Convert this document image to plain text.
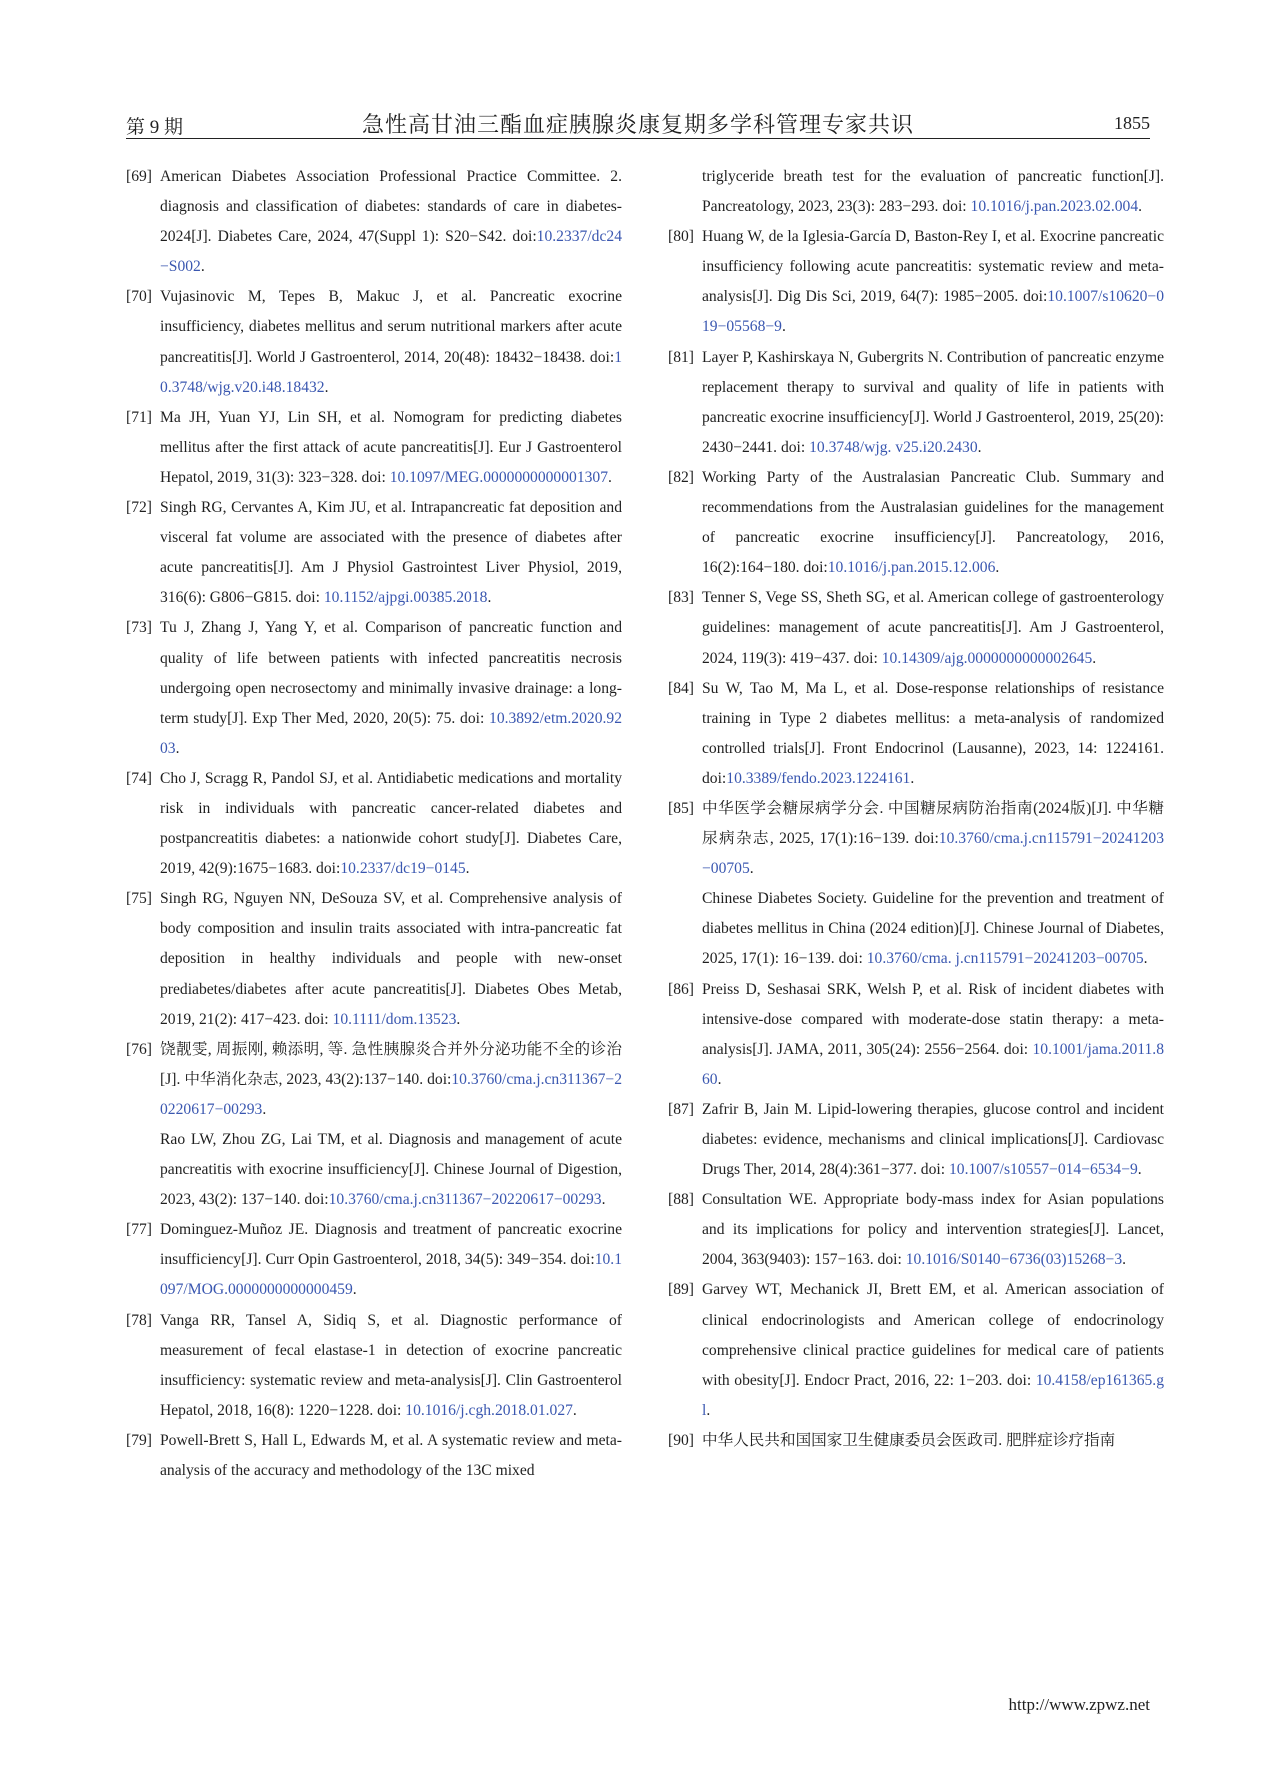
第 9 期	急性高甘油三酯血症胰腺炎康复期多学科管理专家共识	1855
[69] American Diabetes Association Professional Practice Committee. 2. diagnosis and classification of diabetes: standards of care in diabetes-2024[J]. Diabetes Care, 2024, 47(Suppl 1): S20−S42. doi:10.2337/dc24−S002.
[70] Vujasinovic M, Tepes B, Makuc J, et al. Pancreatic exocrine insufficiency, diabetes mellitus and serum nutritional markers after acute pancreatitis[J]. World J Gastroenterol, 2014, 20(48): 18432−18438. doi:10.3748/wjg.v20.i48.18432.
[71] Ma JH, Yuan YJ, Lin SH, et al. Nomogram for predicting diabetes mellitus after the first attack of acute pancreatitis[J]. Eur J Gastroenterol Hepatol, 2019, 31(3): 323−328. doi: 10.1097/MEG.0000000000001307.
[72] Singh RG, Cervantes A, Kim JU, et al. Intrapancreatic fat deposition and visceral fat volume are associated with the presence of diabetes after acute pancreatitis[J]. Am J Physiol Gastrointest Liver Physiol, 2019, 316(6): G806−G815. doi: 10.1152/ajpgi.00385.2018.
[73] Tu J, Zhang J, Yang Y, et al. Comparison of pancreatic function and quality of life between patients with infected pancreatitis necrosis undergoing open necrosectomy and minimally invasive drainage: a long-term study[J]. Exp Ther Med, 2020, 20(5): 75. doi: 10.3892/etm.2020.9203.
[74] Cho J, Scragg R, Pandol SJ, et al. Antidiabetic medications and mortality risk in individuals with pancreatic cancer-related diabetes and postpancreatitis diabetes: a nationwide cohort study[J]. Diabetes Care, 2019, 42(9):1675−1683. doi:10.2337/dc19−0145.
[75] Singh RG, Nguyen NN, DeSouza SV, et al. Comprehensive analysis of body composition and insulin traits associated with intra-pancreatic fat deposition in healthy individuals and people with new-onset prediabetes/diabetes after acute pancreatitis[J]. Diabetes Obes Metab, 2019, 21(2): 417−423. doi: 10.1111/dom.13523.
[76] 饶靓雯, 周振刚, 赖添明, 等. 急性胰腺炎合并外分泌功能不全的诊治[J]. 中华消化杂志, 2023, 43(2):137−140. doi:10.3760/cma.j.cn311367−20220617−00293.
Rao LW, Zhou ZG, Lai TM, et al. Diagnosis and management of acute pancreatitis with exocrine insufficiency[J]. Chinese Journal of Digestion, 2023, 43(2): 137−140. doi:10.3760/cma.j.cn311367−20220617−00293.
[77] Dominguez-Muñoz JE. Diagnosis and treatment of pancreatic exocrine insufficiency[J]. Curr Opin Gastroenterol, 2018, 34(5): 349−354. doi:10.1097/MOG.0000000000000459.
[78] Vanga RR, Tansel A, Sidiq S, et al. Diagnostic performance of measurement of fecal elastase-1 in detection of exocrine pancreatic insufficiency: systematic review and meta-analysis[J]. Clin Gastroenterol Hepatol, 2018, 16(8): 1220−1228. doi: 10.1016/j.cgh.2018.01.027.
[79] Powell-Brett S, Hall L, Edwards M, et al. A systematic review and meta-analysis of the accuracy and methodology of the 13C mixed
triglyceride breath test for the evaluation of pancreatic function[J]. Pancreatology, 2023, 23(3): 283−293. doi: 10.1016/j.pan.2023.02.004.
[80] Huang W, de la Iglesia-García D, Baston-Rey I, et al. Exocrine pancreatic insufficiency following acute pancreatitis: systematic review and meta-analysis[J]. Dig Dis Sci, 2019, 64(7): 1985−2005. doi:10.1007/s10620−019−05568−9.
[81] Layer P, Kashirskaya N, Gubergrits N. Contribution of pancreatic enzyme replacement therapy to survival and quality of life in patients with pancreatic exocrine insufficiency[J]. World J Gastroenterol, 2019, 25(20): 2430−2441. doi: 10.3748/wjg. v25.i20.2430.
[82] Working Party of the Australasian Pancreatic Club. Summary and recommendations from the Australasian guidelines for the management of pancreatic exocrine insufficiency[J]. Pancreatology, 2016, 16(2):164−180. doi:10.1016/j.pan.2015.12.006.
[83] Tenner S, Vege SS, Sheth SG, et al. American college of gastroenterology guidelines: management of acute pancreatitis[J]. Am J Gastroenterol, 2024, 119(3): 419−437. doi: 10.14309/ajg.0000000000002645.
[84] Su W, Tao M, Ma L, et al. Dose-response relationships of resistance training in Type 2 diabetes mellitus: a meta-analysis of randomized controlled trials[J]. Front Endocrinol (Lausanne), 2023, 14: 1224161. doi:10.3389/fendo.2023.1224161.
[85] 中华医学会糖尿病学分会. 中国糖尿病防治指南(2024版)[J]. 中华糖尿病杂志, 2025, 17(1):16−139. doi:10.3760/cma.j.cn115791−20241203−00705.
Chinese Diabetes Society. Guideline for the prevention and treatment of diabetes mellitus in China (2024 edition)[J]. Chinese Journal of Diabetes, 2025, 17(1): 16−139. doi: 10.3760/cma. j.cn115791−20241203−00705.
[86] Preiss D, Seshasai SRK, Welsh P, et al. Risk of incident diabetes with intensive-dose compared with moderate-dose statin therapy: a meta-analysis[J]. JAMA, 2011, 305(24): 2556−2564. doi: 10.1001/jama.2011.860.
[87] Zafrir B, Jain M. Lipid-lowering therapies, glucose control and incident diabetes: evidence, mechanisms and clinical implications[J]. Cardiovasc Drugs Ther, 2014, 28(4):361−377. doi: 10.1007/s10557−014−6534−9.
[88] Consultation WE. Appropriate body-mass index for Asian populations and its implications for policy and intervention strategies[J]. Lancet, 2004, 363(9403): 157−163. doi: 10.1016/S0140−6736(03)15268−3.
[89] Garvey WT, Mechanick JI, Brett EM, et al. American association of clinical endocrinologists and American college of endocrinology comprehensive clinical practice guidelines for medical care of patients with obesity[J]. Endocr Pract, 2016, 22: 1−203. doi: 10.4158/ep161365.gl.
[90] 中华人民共和国国家卫生健康委员会医政司. 肥胖症诊疗指南
http://www.zpwz.net
